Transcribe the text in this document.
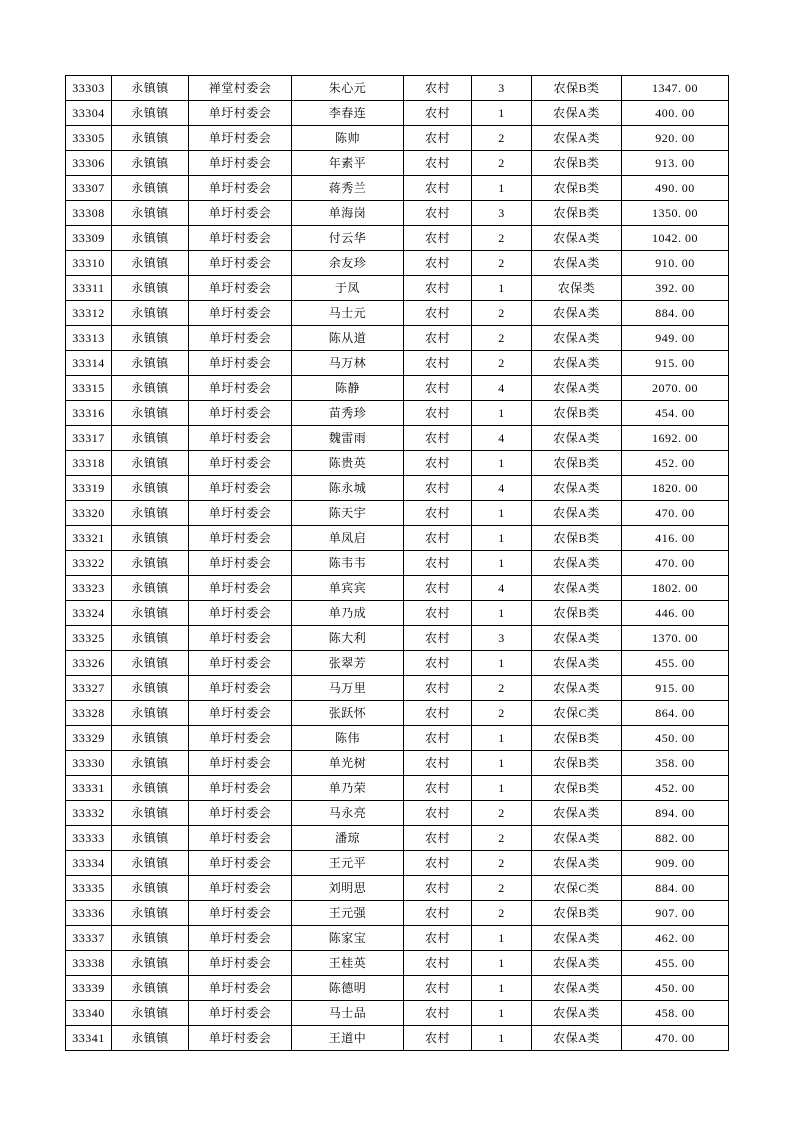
33303	永镇镇	禅堂村委会	朱心元	农村	3	农保B类	1347. 00
33304	永镇镇	单圩村委会	李春连	农村	1	农保A类	400. 00
33305	永镇镇	单圩村委会	陈帅	农村	2	农保A类	920. 00
33306	永镇镇	单圩村委会	年素平	农村	2	农保B类	913. 00
33307	永镇镇	单圩村委会	蒋秀兰	农村	1	农保B类	490. 00
33308	永镇镇	单圩村委会	单海岗	农村	3	农保B类	1350. 00
33309	永镇镇	单圩村委会	付云华	农村	2	农保A类	1042. 00
33310	永镇镇	单圩村委会	余友珍	农村	2	农保A类	910. 00
33311	永镇镇	单圩村委会	于凤	农村	1	农保类	392. 00
33312	永镇镇	单圩村委会	马士元	农村	2	农保A类	884. 00
33313	永镇镇	单圩村委会	陈从道	农村	2	农保A类	949. 00
33314	永镇镇	单圩村委会	马万林	农村	2	农保A类	915. 00
33315	永镇镇	单圩村委会	陈静	农村	4	农保A类	2070. 00
33316	永镇镇	单圩村委会	苗秀珍	农村	1	农保B类	454. 00
33317	永镇镇	单圩村委会	魏雷雨	农村	4	农保A类	1692. 00
33318	永镇镇	单圩村委会	陈贵英	农村	1	农保B类	452. 00
33319	永镇镇	单圩村委会	陈永城	农村	4	农保A类	1820. 00
33320	永镇镇	单圩村委会	陈天宇	农村	1	农保A类	470. 00
33321	永镇镇	单圩村委会	单凤启	农村	1	农保B类	416. 00
33322	永镇镇	单圩村委会	陈韦韦	农村	1	农保A类	470. 00
33323	永镇镇	单圩村委会	单宾宾	农村	4	农保A类	1802. 00
33324	永镇镇	单圩村委会	单乃成	农村	1	农保B类	446. 00
33325	永镇镇	单圩村委会	陈大利	农村	3	农保A类	1370. 00
33326	永镇镇	单圩村委会	张翠芳	农村	1	农保A类	455. 00
33327	永镇镇	单圩村委会	马万里	农村	2	农保A类	915. 00
33328	永镇镇	单圩村委会	张跃怀	农村	2	农保C类	864. 00
33329	永镇镇	单圩村委会	陈伟	农村	1	农保B类	450. 00
33330	永镇镇	单圩村委会	单光树	农村	1	农保B类	358. 00
33331	永镇镇	单圩村委会	单乃荣	农村	1	农保B类	452. 00
33332	永镇镇	单圩村委会	马永亮	农村	2	农保A类	894. 00
33333	永镇镇	单圩村委会	潘琼	农村	2	农保A类	882. 00
33334	永镇镇	单圩村委会	王元平	农村	2	农保A类	909. 00
33335	永镇镇	单圩村委会	刘明思	农村	2	农保C类	884. 00
33336	永镇镇	单圩村委会	王元强	农村	2	农保B类	907. 00
33337	永镇镇	单圩村委会	陈家宝	农村	1	农保A类	462. 00
33338	永镇镇	单圩村委会	王桂英	农村	1	农保A类	455. 00
33339	永镇镇	单圩村委会	陈德明	农村	1	农保A类	450. 00
33340	永镇镇	单圩村委会	马士品	农村	1	农保A类	458. 00
33341	永镇镇	单圩村委会	王道中	农村	1	农保A类	470. 00
